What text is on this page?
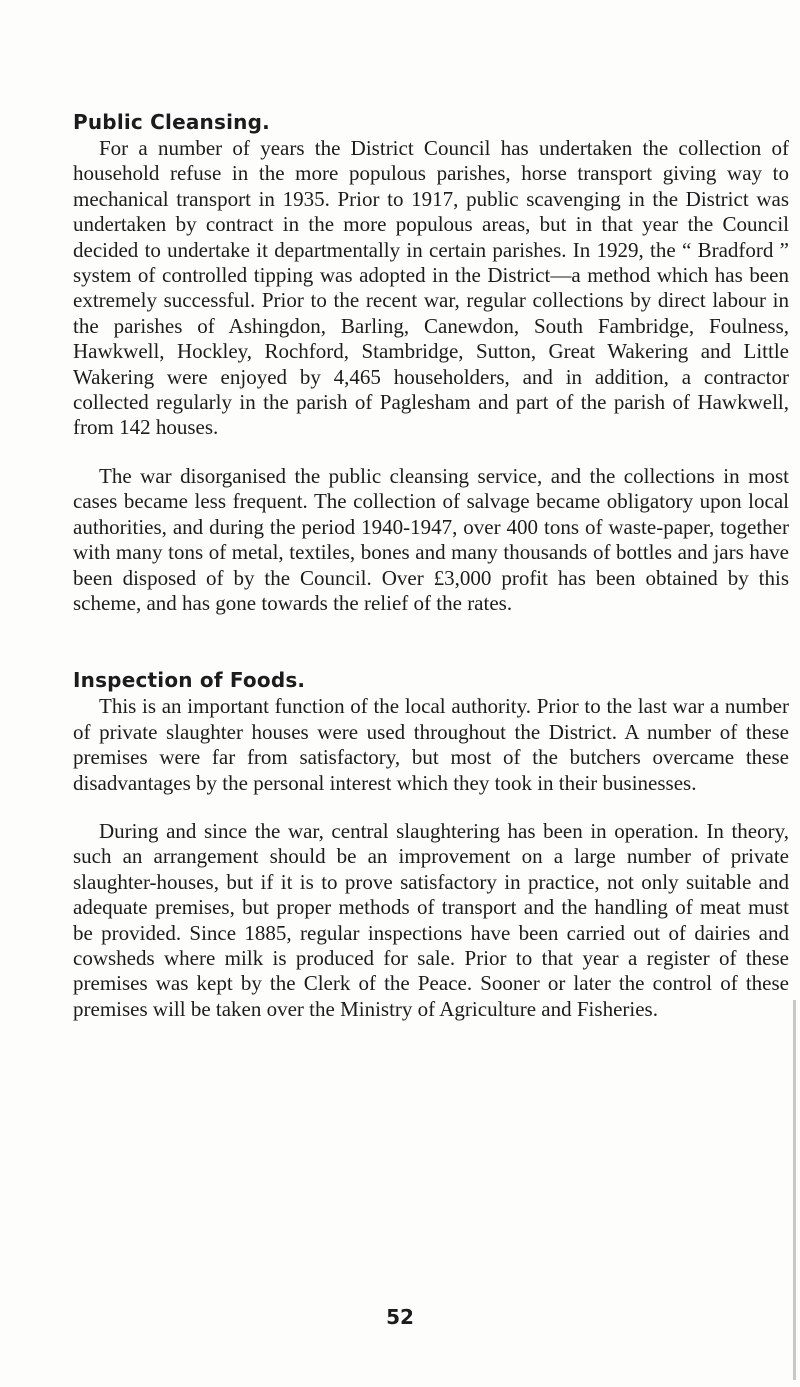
Public Cleansing.

For a number of years the District Council has undertaken the collection of household refuse in the more populous parishes, horse transport giving way to mechanical transport in 1935. Prior to 1917, public scavenging in the District was undertaken by contract in the more populous areas, but in that year the Council decided to undertake it departmentally in certain parishes. In 1929, the “ Bradford ” system of controlled tipping was adopted in the District—a method which has been extremely successful. Prior to the recent war, regular collections by direct labour in the parishes of Ashingdon, Barling, Canewdon, South Fambridge, Foulness, Hawkwell, Hockley, Rochford, Stambridge, Sutton, Great Wakering and Little Wakering were enjoyed by 4,465 householders, and in addition, a contractor collected regularly in the parish of Paglesham and part of the parish of Hawkwell, from 142 houses.

The war disorganised the public cleansing service, and the collections in most cases became less frequent. The collection of salvage became obligatory upon local authorities, and during the period 1940-1947, over 400 tons of waste-paper, together with many tons of metal, textiles, bones and many thousands of bottles and jars have been disposed of by the Council. Over £3,000 profit has been obtained by this scheme, and has gone towards the relief of the rates.

Inspection of Foods.

This is an important function of the local authority. Prior to the last war a number of private slaughter houses were used throughout the District. A number of these premises were far from satisfactory, but most of the butchers overcame these disadvantages by the personal interest which they took in their businesses.

During and since the war, central slaughtering has been in operation. In theory, such an arrangement should be an improvement on a large number of private slaughter-houses, but if it is to prove satisfactory in practice, not only suitable and adequate premises, but proper methods of transport and the handling of meat must be provided. Since 1885, regular inspections have been carried out of dairies and cowsheds where milk is produced for sale. Prior to that year a register of these premises was kept by the Clerk of the Peace. Sooner or later the control of these premises will be taken over the Ministry of Agriculture and Fisheries.

52
